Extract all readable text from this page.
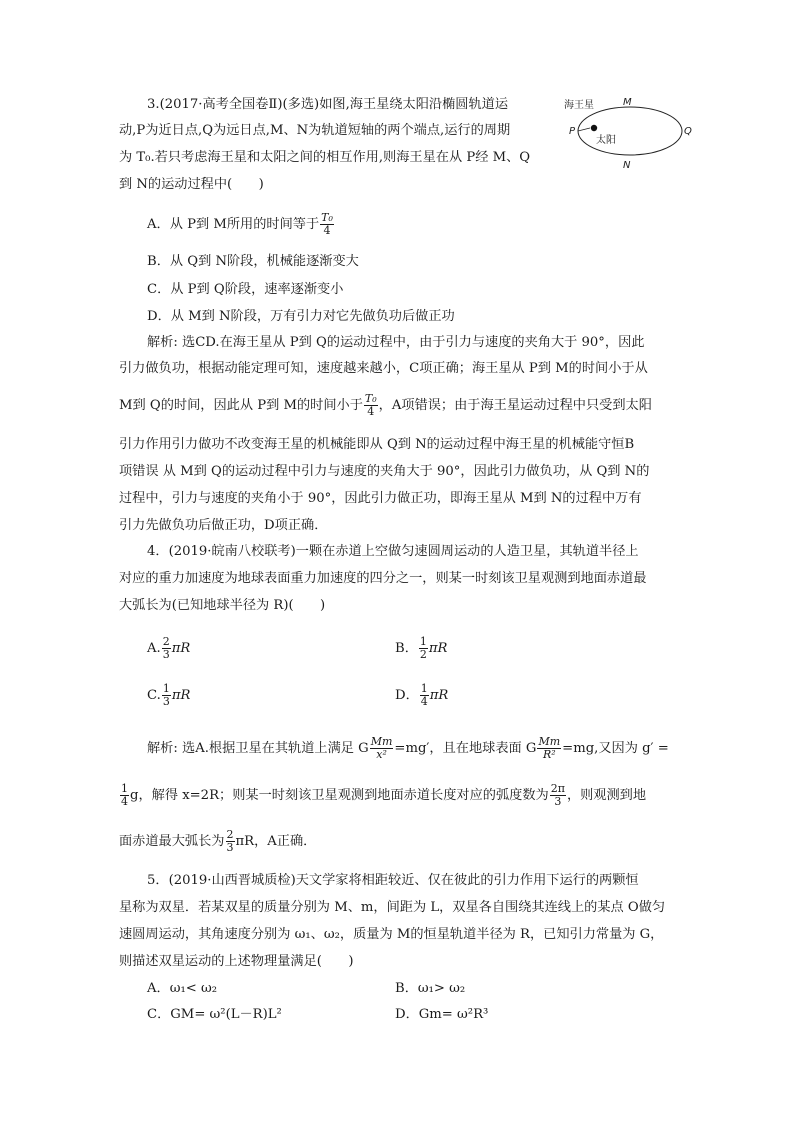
3.(2017·高考全国卷Ⅱ)(多选)如图,海王星绕太阳沿椭圆轨道运
动,P为近日点,Q为远日点,M、N为轨道短轴的两个端点,运行的周期
为 T₀.若只考虑海王星和太阳之间的相互作用,则海王星在从 P经 M、Q
到 N的运动过程中(　　)
A．从 P到 M所用的时间等于 $\frac{\text{T₀}}{4}$
B．从 Q到 N阶段，机械能逐渐变大
C．从 P到 Q阶段，速率逐渐变小
D．从 M到 N阶段，万有引力对它先做负功后做正功
解析: 选CD.在海王星从 P到 Q的运动过程中，由于引力与速度的夹角大于 90°，因此
引力做负功，根据动能定理可知，速度越来越小，C项正确；海王星从 P到 M的时间小于从
M到 Q的时间，因此从 P到 M的时间小于 $\frac{\text{T₀}}{4}$ ，A项错误；由于海王星运动过程中只受到太阳
引力作用引力做功不改变海王星的机械能即从 Q到 N的运动过程中海王星的机械能守恒B
项错误 从 M到 Q的运动过程中引力与速度的夹角大于 90°，因此引力做负功，从 Q到 N的
过程中，引力与速度的夹角小于 90°，因此引力做正功，即海王星从 M到 N的过程中万有
引力先做负功后做正功，D项正确．
海王星
太阳
P	Q
M
N
4．(2019·皖南八校联考)一颗在赤道上空做匀速圆周运动的人造卫星，其轨道半径上
对应的重力加速度为地球表面重力加速度的四分之一，则某一时刻该卫星观测到地面赤道最
大弧长为(已知地球半径为 R)(　　)
A. $\frac{2}{3}$ πR	B． $\frac{1}{2}$ πR
C. $\frac{1}{3}$ πR	D． $\frac{1}{4}$ πR
解析: 选A.根据卫星在其轨道上满足 G $\frac{Mm}{\text{x²}} =mg'$，且在地球表面 G $\frac{Mm}{\text{R²}} =mg$,又因为 g′ =
$\frac{1}{4}$ g，解得 x=2R；则某一时刻该卫星观测到地面赤道长度对应的弧度数为 $\frac{2\pi}{3}$ ，则观测到地
面赤道最大弧长为 $\frac{2}{3}$ πR，A正确．
5．(2019·山西晋城质检)天文学家将相距较近、仅在彼此的引力作用下运行的两颗恒
星称为双星．若某双星的质量分别为 M、m，间距为 L，双星各自围绕其连线上的某点 O做匀
速圆周运动，其角速度分别为 ω₁、ω₂，质量为 M的恒星轨道半径为 R，已知引力常量为 G，
则描述双星运动的上述物理量满足(　　)
A．ω₁< ω₂	B．ω₁> ω₂
C．GM= ω²(L－R)L²	D．Gm= ω²R³
